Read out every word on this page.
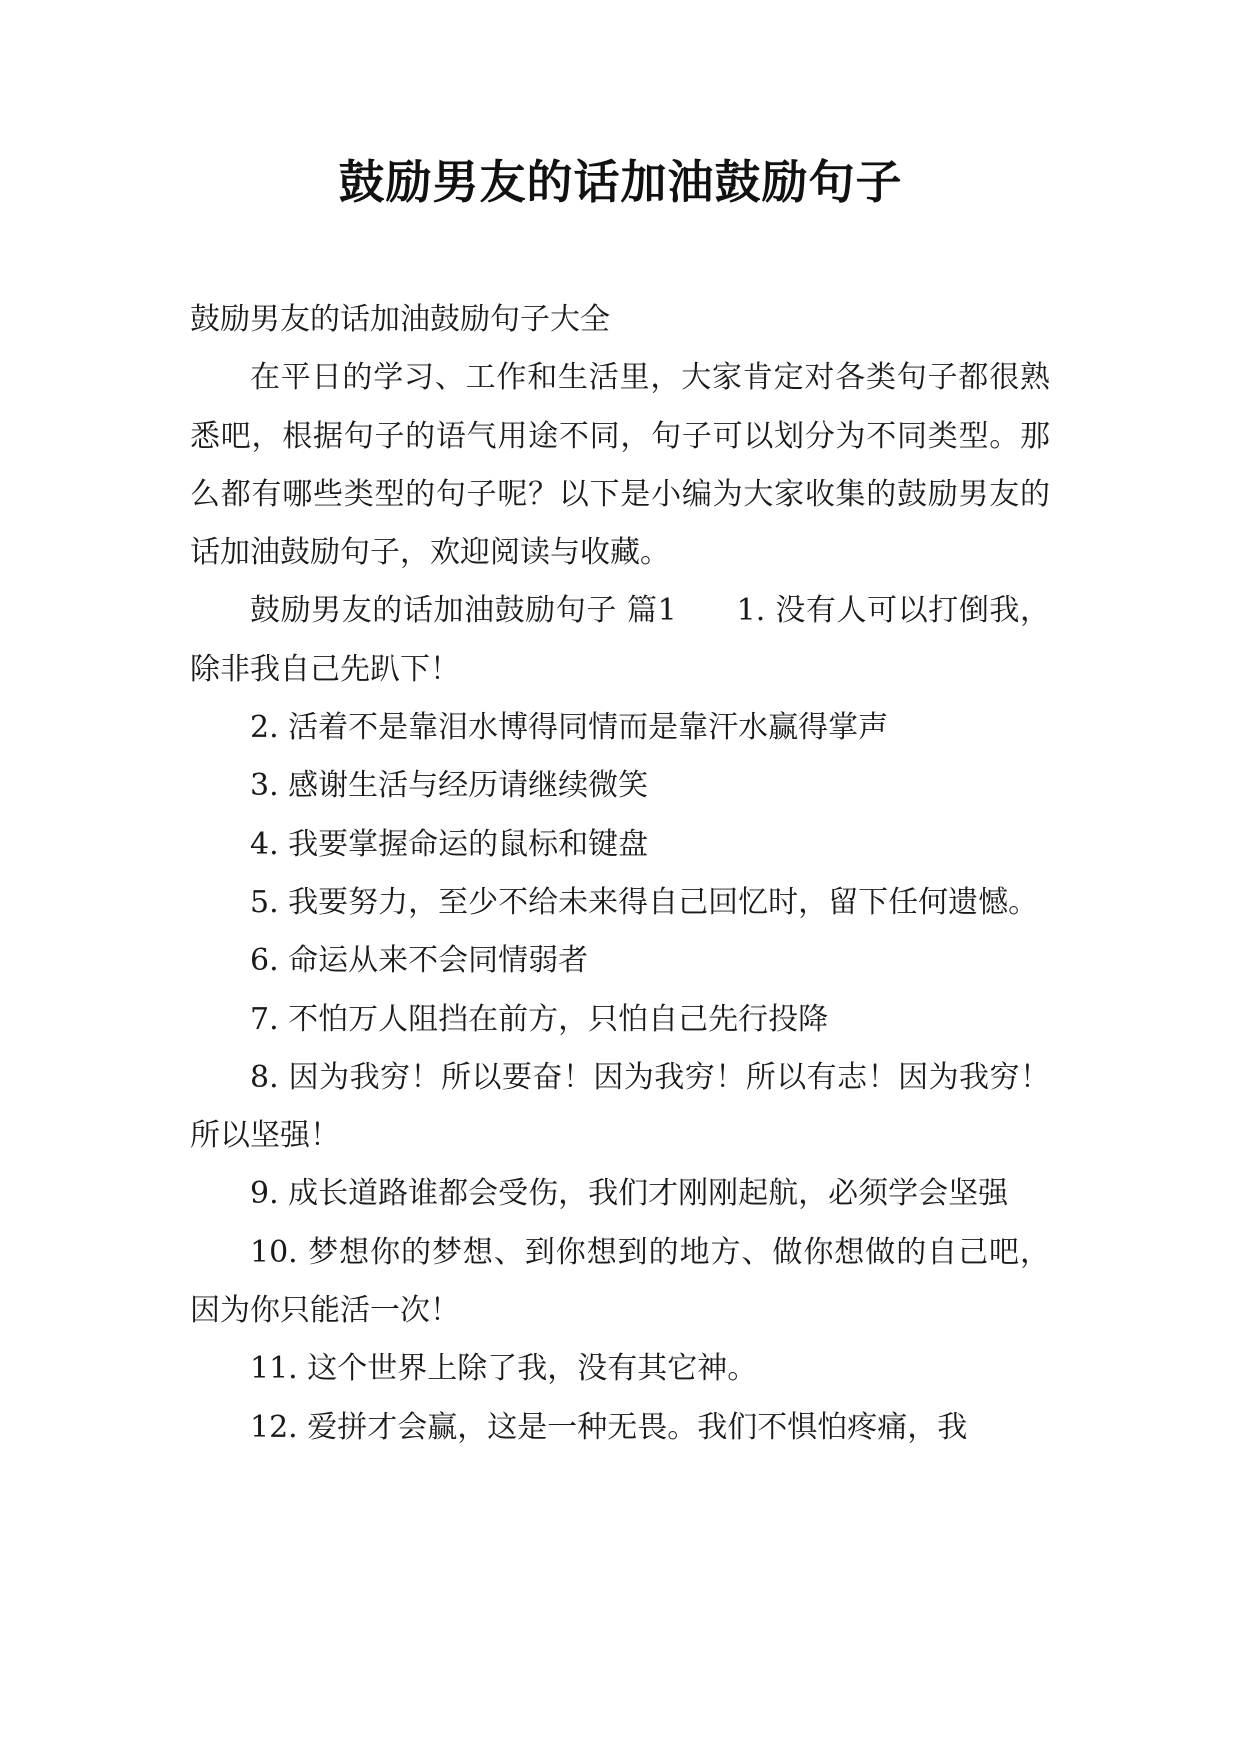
鼓励男友的话加油鼓励句子

鼓励男友的话加油鼓励句子大全

在平日的学习、工作和生活里，大家肯定对各类句子都很熟悉吧，根据句子的语气用途不同，句子可以划分为不同类型。那么都有哪些类型的句子呢？以下是小编为大家收集的鼓励男友的话加油鼓励句子，欢迎阅读与收藏。

鼓励男友的话加油鼓励句子 篇1 1. 没有人可以打倒我，除非我自己先趴下！

2. 活着不是靠泪水博得同情而是靠汗水赢得掌声

3. 感谢生活与经历请继续微笑

4. 我要掌握命运的鼠标和键盘

5. 我要努力，至少不给未来得自己回忆时，留下任何遗憾。

6. 命运从来不会同情弱者

7. 不怕万人阻挡在前方，只怕自己先行投降

8. 因为我穷！所以要奋！因为我穷！所以有志！因为我穷！所以坚强！

9. 成长道路谁都会受伤，我们才刚刚起航，必须学会坚强

10. 梦想你的梦想、到你想到的地方、做你想做的自己吧，因为你只能活一次！

11. 这个世界上除了我，没有其它神。

12. 爱拼才会赢，这是一种无畏。我们不惧怕疼痛，我
